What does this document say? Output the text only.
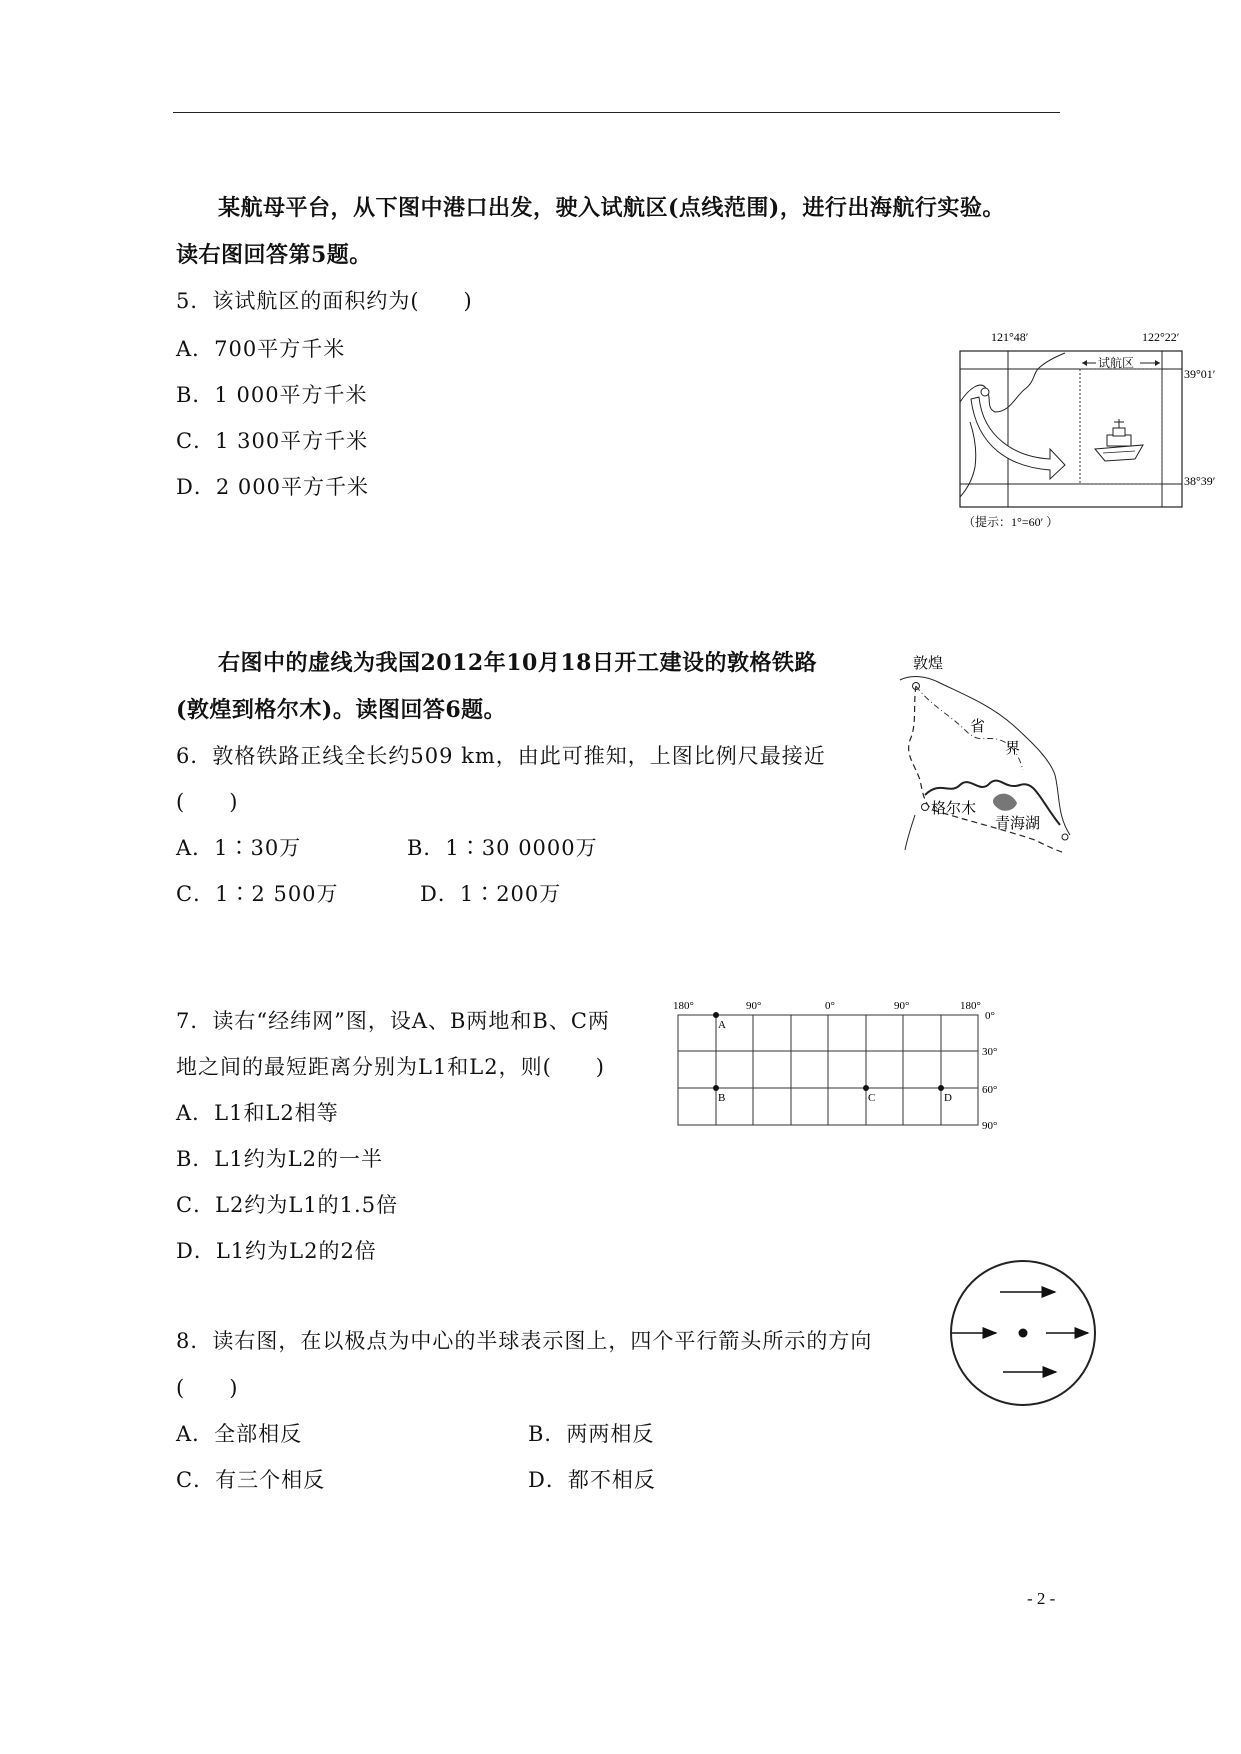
某航母平台，从下图中港口出发，驶入试航区(点线范围)，进行出海航行实验。
读右图回答第5题。
5．该试航区的面积约为(　　)
A．700平方千米
B．1 000平方千米
C．1 300平方千米
D．2 000平方千米
121°48′	122°22′
39°01′
38°39′
试航区
（提示：1°=60′ ）
右图中的虚线为我国2012年10月18日开工建设的敦格铁路
(敦煌到格尔木)。读图回答6题。
6．敦格铁路正线全长约509 km，由此可推知，上图比例尺最接近
(　　)
A．1∶30万	B．1∶30 0000万
C．1∶2 500万	D．1∶200万
敦煌
省
界
格尔木
青海湖
7．读右“经纬网”图，设A、B两地和B、C两
地之间的最短距离分别为L1和L2，则(　　)
A．L1和L2相等
B．L1约为L2的一半
C．L2约为L1的1.5倍
D．L1约为L2的2倍
180°	90°	0°	90°	180°
0°
30°
60°
90°
A
B	C	D
8．读右图，在以极点为中心的半球表示图上，四个平行箭头所示的方向
(　　)
A．全部相反	B．两两相反
C．有三个相反	D．都不相反
- 2 -
